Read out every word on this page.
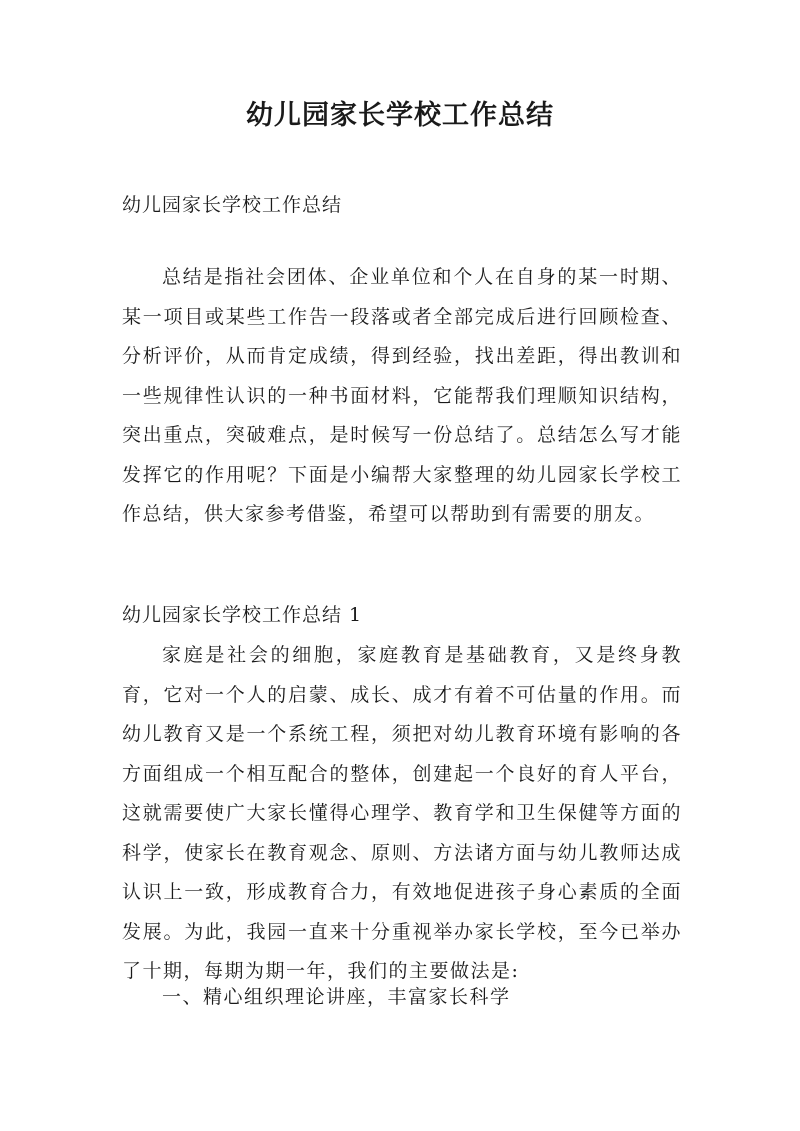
幼儿园家长学校工作总结

幼儿园家长学校工作总结

总结是指社会团体、企业单位和个人在自身的某一时期、某一项目或某些工作告一段落或者全部完成后进行回顾检查、分析评价，从而肯定成绩，得到经验，找出差距，得出教训和一些规律性认识的一种书面材料，它能帮我们理顺知识结构，突出重点，突破难点，是时候写一份总结了。总结怎么写才能发挥它的作用呢？下面是小编帮大家整理的幼儿园家长学校工作总结，供大家参考借鉴，希望可以帮助到有需要的朋友。

幼儿园家长学校工作总结 1

家庭是社会的细胞，家庭教育是基础教育，又是终身教育，它对一个人的启蒙、成长、成才有着不可估量的作用。而幼儿教育又是一个系统工程，须把对幼儿教育环境有影响的各方面组成一个相互配合的整体，创建起一个良好的育人平台，这就需要使广大家长懂得心理学、教育学和卫生保健等方面的科学，使家长在教育观念、原则、方法诸方面与幼儿教师达成认识上一致，形成教育合力，有效地促进孩子身心素质的全面发展。为此，我园一直来十分重视举办家长学校，至今已举办了十期，每期为期一年，我们的主要做法是:

一、精心组织理论讲座，丰富家长科学
